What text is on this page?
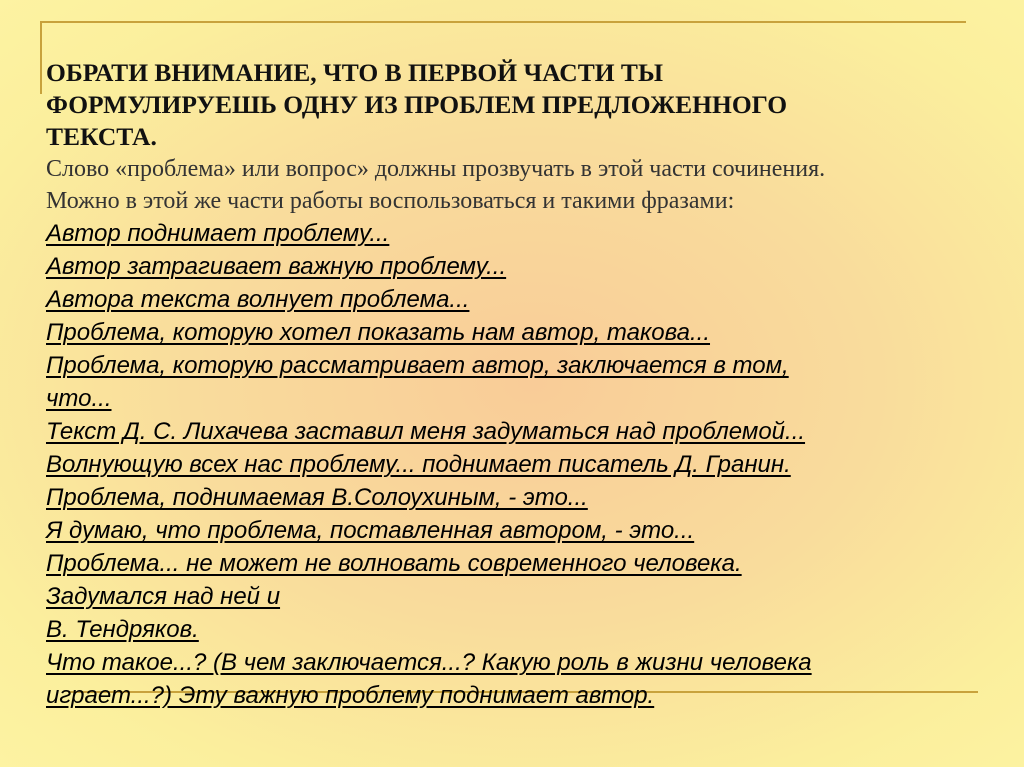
ОБРАТИ ВНИМАНИЕ, ЧТО В ПЕРВОЙ ЧАСТИ ТЫ

ФОРМУЛИРУЕШЬ ОДНУ ИЗ ПРОБЛЕМ ПРЕДЛОЖЕННОГО

ТЕКСТА.

Слово «проблема» или вопрос» должны прозвучать в этой части сочинения.

Можно в этой же части работы воспользоваться и такими фразами:

Автор поднимает проблему...

Автор затрагивает важную проблему...

Автора текста волнует проблема...

Проблема, которую хотел показать нам автор, такова...

Проблема, которую рассматривает автор, заключается в том,

что...

Текст Д. С. Лихачева заставил меня задуматься над проблемой...

Волнующую всех нас проблему... поднимает писатель Д. Гранин.

Проблема, поднимаемая В.Солоухиным, - это...

Я думаю, что проблема, поставленная автором, - это...

Проблема... не может не волновать современного человека.

Задумался над ней и

В. Тендряков.

Что такое...? (В чем заключается...? Какую роль в жизни человека

играет...?) Эту важную проблему поднимает автор.
